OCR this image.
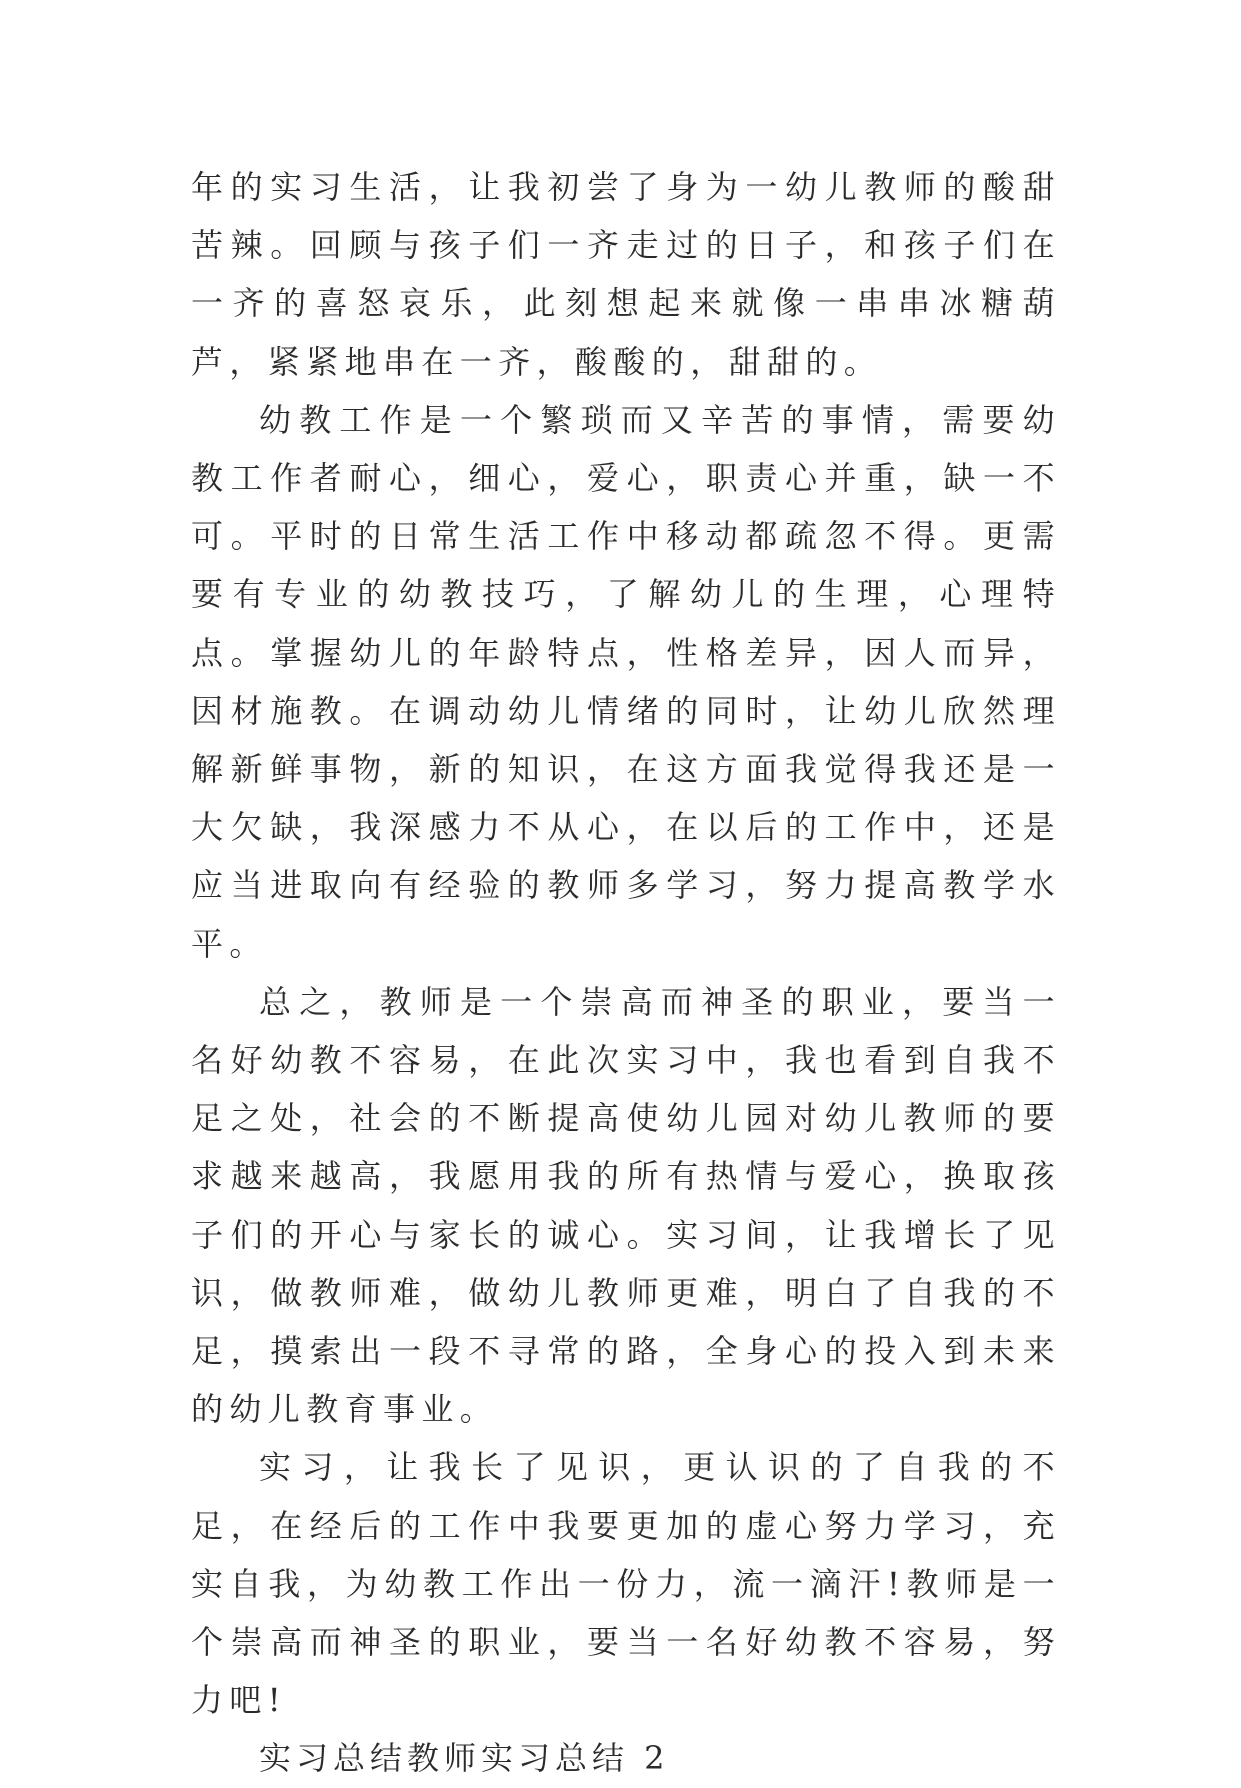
年的实习生活，让我初尝了身为一幼儿教师的酸甜苦辣。回顾与孩子们一齐走过的日子，和孩子们在一齐的喜怒哀乐，此刻想起来就像一串串冰糖葫芦，紧紧地串在一齐，酸酸的，甜甜的。

幼教工作是一个繁琐而又辛苦的事情，需要幼教工作者耐心，细心，爱心，职责心并重，缺一不可。平时的日常生活工作中移动都疏忽不得。更需要有专业的幼教技巧，了解幼儿的生理，心理特点。掌握幼儿的年龄特点，性格差异，因人而异，因材施教。在调动幼儿情绪的同时，让幼儿欣然理解新鲜事物，新的知识，在这方面我觉得我还是一大欠缺，我深感力不从心，在以后的工作中，还是应当进取向有经验的教师多学习，努力提高教学水平。

总之，教师是一个崇高而神圣的职业，要当一名好幼教不容易，在此次实习中，我也看到自我不足之处，社会的不断提高使幼儿园对幼儿教师的要求越来越高，我愿用我的所有热情与爱心，换取孩子们的开心与家长的诚心。实习间，让我增长了见识，做教师难，做幼儿教师更难，明白了自我的不足，摸索出一段不寻常的路，全身心的投入到未来的幼儿教育事业。

实习，让我长了见识，更认识的了自我的不足，在经后的工作中我要更加的虚心努力学习，充实自我，为幼教工作出一份力，流一滴汗!教师是一个崇高而神圣的职业，要当一名好幼教不容易，努力吧!

实习总结教师实习总结 2
